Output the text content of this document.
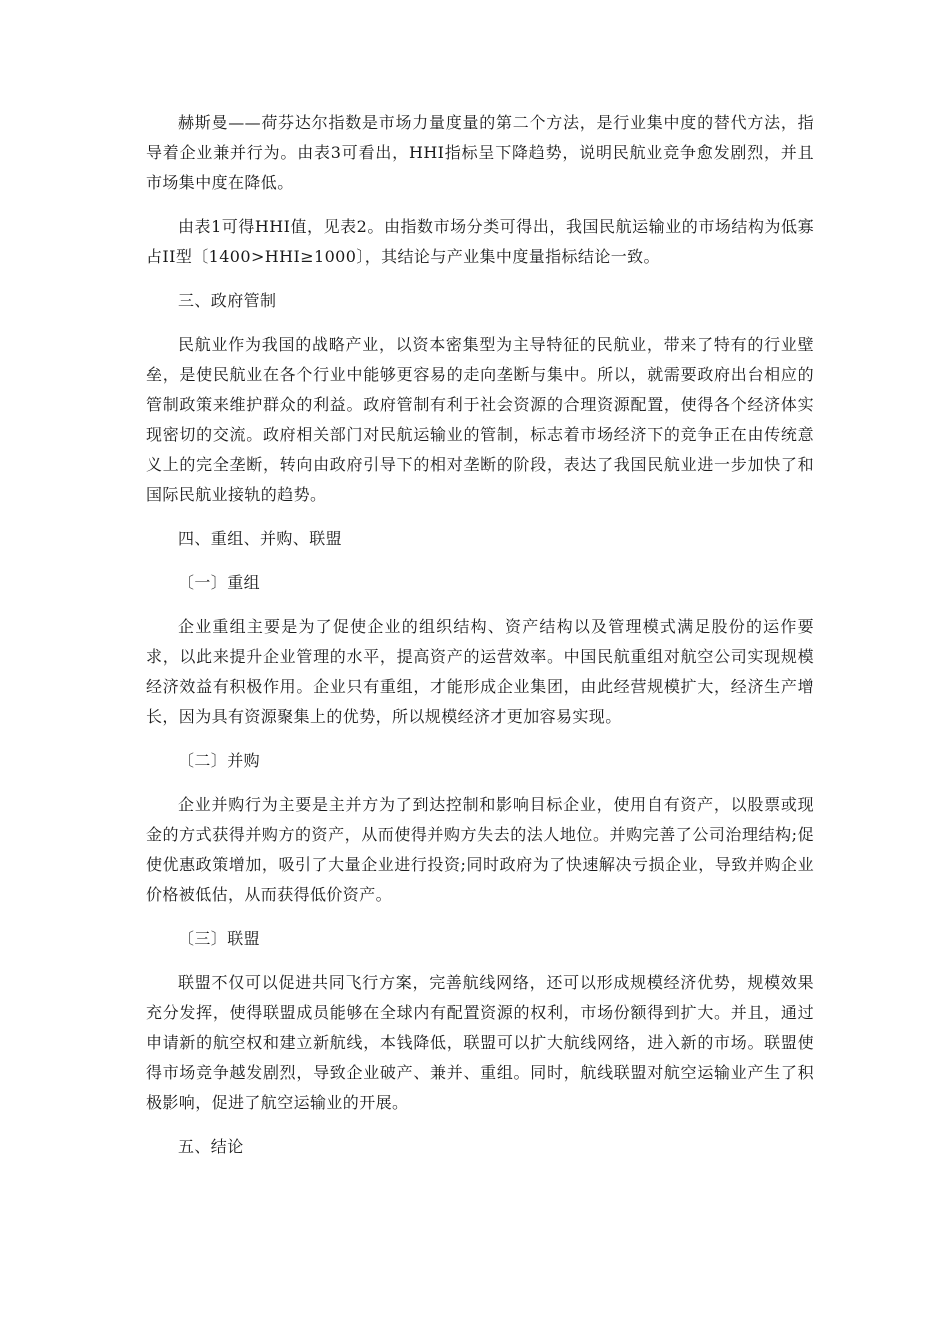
赫斯曼——荷芬达尔指数是市场力量度量的第二个方法，是行业集中度的替代方法，指导着企业兼并行为。由表3可看出，HHI指标呈下降趋势，说明民航业竞争愈发剧烈，并且市场集中度在降低。

由表1可得HHI值，见表2。由指数市场分类可得出，我国民航运输业的市场结构为低寡占II型〔1400>HHI≥1000〕，其结论与产业集中度量指标结论一致。

三、政府管制

民航业作为我国的战略产业，以资本密集型为主导特征的民航业，带来了特有的行业壁垒，是使民航业在各个行业中能够更容易的走向垄断与集中。所以，就需要政府出台相应的管制政策来维护群众的利益。政府管制有利于社会资源的合理资源配置，使得各个经济体实现密切的交流。政府相关部门对民航运输业的管制，标志着市场经济下的竞争正在由传统意义上的完全垄断，转向由政府引导下的相对垄断的阶段，表达了我国民航业进一步加快了和国际民航业接轨的趋势。

四、重组、并购、联盟

〔一〕重组

企业重组主要是为了促使企业的组织结构、资产结构以及管理模式满足股份的运作要求，以此来提升企业管理的水平，提高资产的运营效率。中国民航重组对航空公司实现规模经济效益有积极作用。企业只有重组，才能形成企业集团，由此经营规模扩大，经济生产增长，因为具有资源聚集上的优势，所以规模经济才更加容易实现。

〔二〕并购

企业并购行为主要是主并方为了到达控制和影响目标企业，使用自有资产，以股票或现金的方式获得并购方的资产，从而使得并购方失去的法人地位。并购完善了公司治理结构;促使优惠政策增加，吸引了大量企业进行投资;同时政府为了快速解决亏损企业，导致并购企业价格被低估，从而获得低价资产。

〔三〕联盟

联盟不仅可以促进共同飞行方案，完善航线网络，还可以形成规模经济优势，规模效果充分发挥，使得联盟成员能够在全球内有配置资源的权利，市场份额得到扩大。并且，通过申请新的航空权和建立新航线，本钱降低，联盟可以扩大航线网络，进入新的市场。联盟使得市场竞争越发剧烈，导致企业破产、兼并、重组。同时，航线联盟对航空运输业产生了积极影响，促进了航空运输业的开展。

五、结论
